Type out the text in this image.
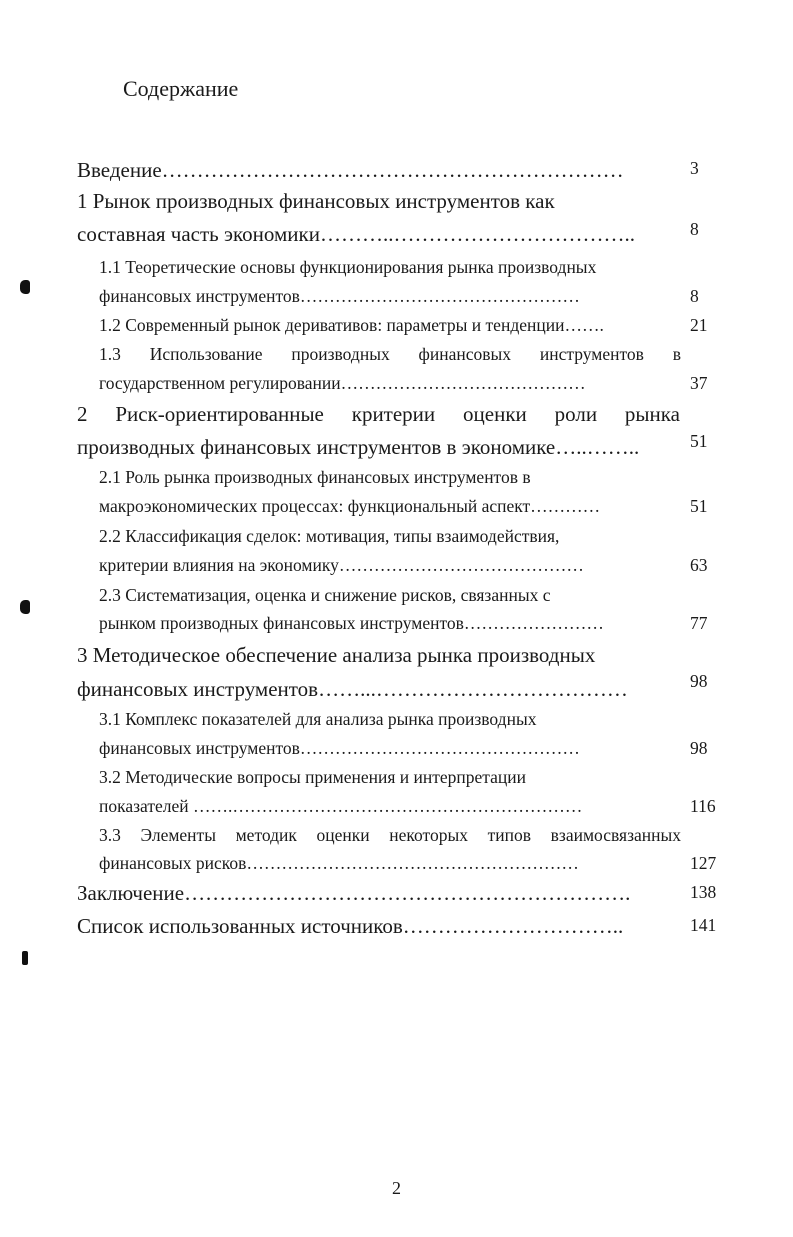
Содержание
Введение…………………………………………………………	3
1 Рынок производных финансовых инструментов как
составная часть экономики………..……………………………..	8
1.1 Теоретические основы функционирования рынка производных
финансовых инструментов…………………………………………	8
1.2 Современный рынок деривативов: параметры и тенденции…….	21
1.3 Использование производных финансовых инструментов в
государственном регулировании……………………………………	37
2 Риск-ориентированные критерии оценки роли рынка
производных финансовых инструментов в экономике…..……..	51
2.1 Роль рынка производных финансовых инструментов в
макроэкономических процессах: функциональный аспект…………	51
2.2 Классификация сделок: мотивация, типы взаимодействия,
критерии влияния на экономику……………………………………	63
2.3 Систематизация, оценка и снижение рисков, связанных с
рынком производных финансовых инструментов……………………	77
3 Методическое обеспечение анализа рынка производных
финансовых инструментов……...………………………………	98
3.1 Комплекс показателей для анализа рынка производных
финансовых инструментов…………………………………………	98
3.2 Методические вопросы применения и интерпретации
показателей …….……………………………………………………	116
3.3 Элементы методик оценки некоторых типов взаимосвязанных
финансовых рисков…………………………………………………	127
Заключение……………………………………………………….	138
Список использованных источников…………………………..	141
2
